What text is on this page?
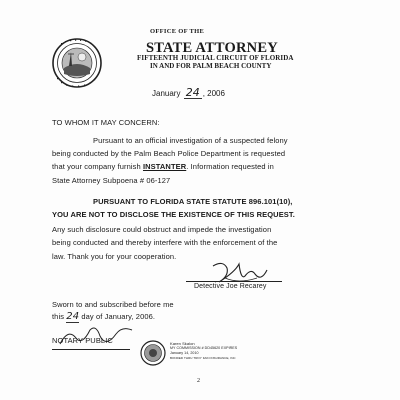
OFFICE OF THE
STATE ATTORNEY
FIFTEENTH JUDICIAL CIRCUIT OF FLORIDA
IN AND FOR PALM BEACH COUNTY
January 24 , 2006
TO WHOM IT MAY CONCERN:
Pursuant to an official investigation of a suspected felony
being conducted by the Palm Beach Police Department is requested
that your company furnish INSTANTER. Information requested in
State Attorney Subpoena # 06-127
PURSUANT TO FLORIDA STATE STATUTE 896.101(10),
YOU ARE NOT TO DISCLOSE THE EXISTENCE OF THIS REQUEST.
Any such disclosure could obstruct and impede the investigation
being conducted and thereby interfere with the enforcement of the
law. Thank you for your cooperation.
Detective Joe Recarey
Sworn to and subscribed before me
this 24 day of January, 2006.
NOTARY PUBLIC	Karen Skalon
MY COMMISSION # DD45620 EXPIRES
January 14, 2010
BONDED THRU TROY FAIN INSURANCE, INC
2
